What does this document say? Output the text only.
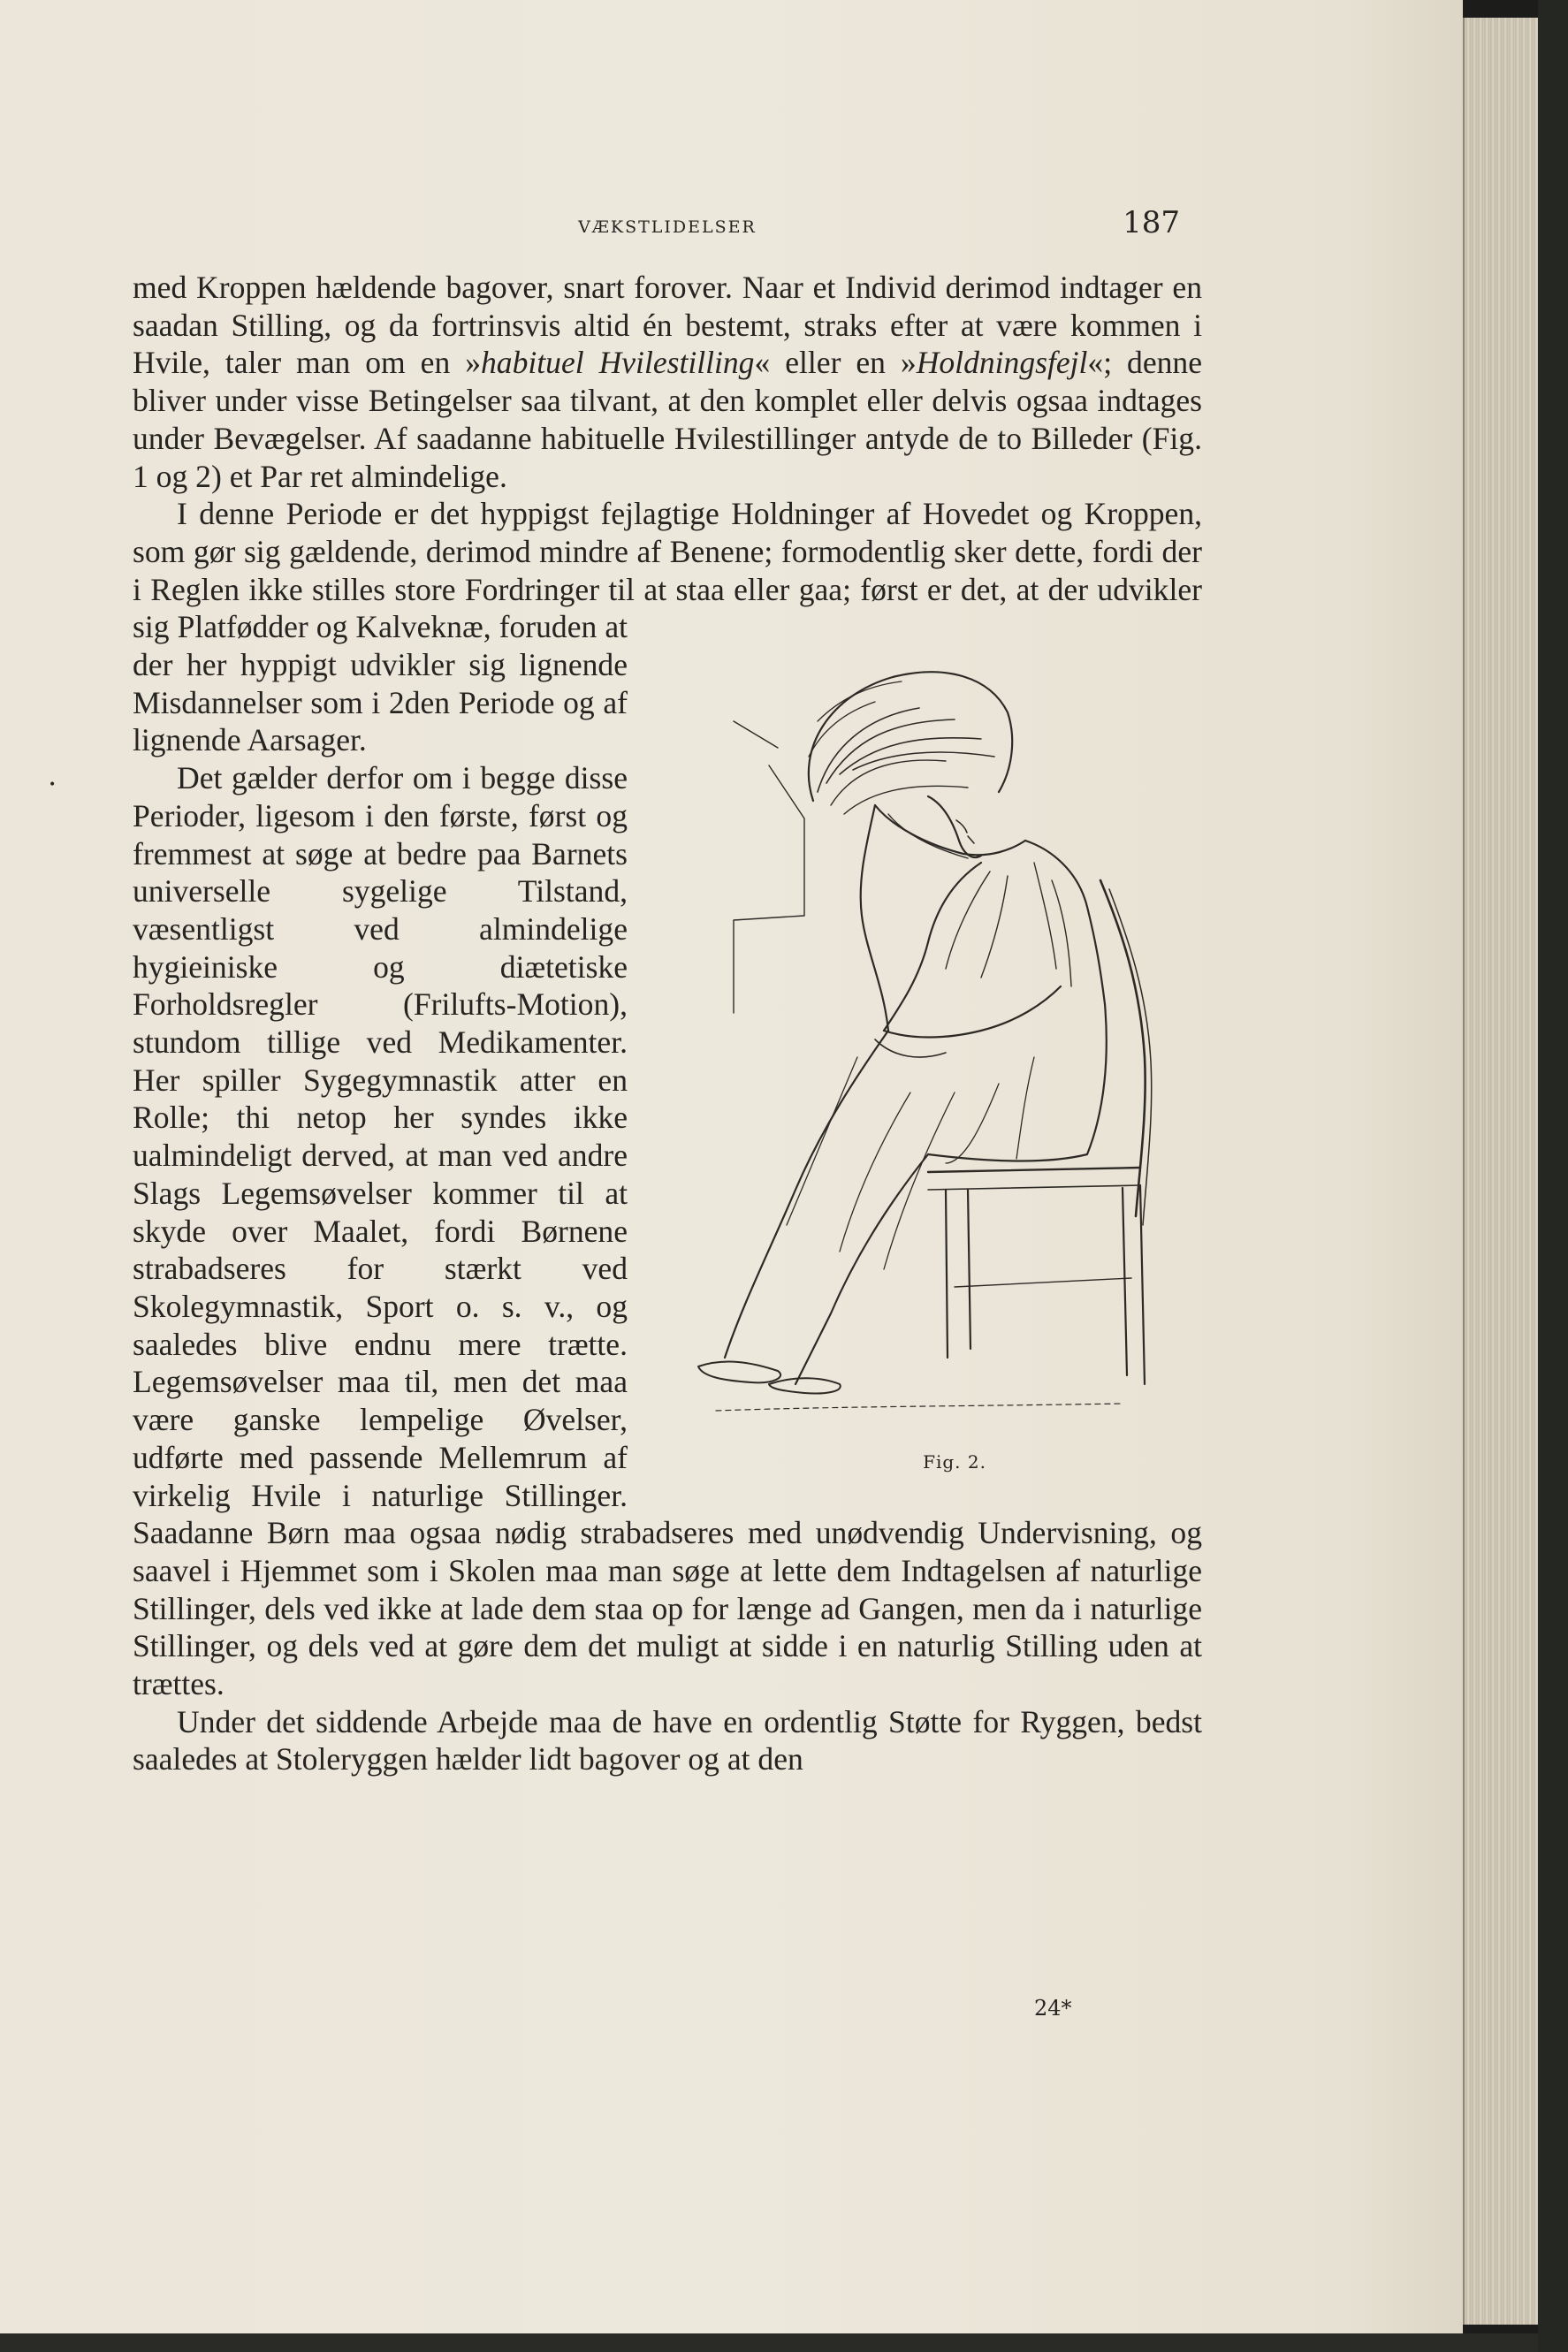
VÆKSTLIDELSER	187
•

med Kroppen hældende bagover, snart forover. Naar et Individ derimod indtager en saadan Stilling, og da fortrinsvis altid én bestemt, straks efter at være kommen i Hvile, taler man om en »habituel Hvilestilling« eller en »Holdningsfejl«; denne bliver under visse Betingelser saa tilvant, at den komplet eller delvis ogsaa indtages under Bevægelser. Af saadanne habituelle Hvilestillinger antyde de to Billeder (Fig. 1 og 2) et Par ret almindelige.

I denne Periode er det hyppigst fejlagtige Holdninger af Hovedet og Kroppen, som gør sig gældende, derimod mindre af Benene; formodentlig sker dette, fordi der i Reglen ikke stilles store Fordringer til at staa eller gaa; først
Fig. 2.
er det, at der udvikler sig Platfødder og Kalveknæ, foruden at der her hyppigt udvikler sig lignende Misdannelser som i 2den Periode og af lignende Aarsager.

Det gælder derfor om i begge disse Perioder, ligesom i den første, først og fremmest at søge at bedre paa Barnets universelle sygelige Tilstand, væsentligst ved almindelige hygieiniske og diætetiske Forholdsregler (Frilufts-Motion), stundom tillige ved Medikamenter. Her spiller Sygegymnastik atter en Rolle; thi netop her syndes ikke ualmindeligt derved, at man ved andre Slags Legemsøvelser kommer til at skyde over Maalet, fordi Børnene strabadseres for stærkt ved Skolegymnastik, Sport o. s. v., og saaledes blive endnu mere trætte. Legemsøvelser maa til, men det maa være ganske lempelige Øvelser, udførte med passende Mellemrum af virkelig Hvile i naturlige Stillinger. Saadanne Børn maa ogsaa nødig strabadseres med unødvendig Undervisning, og saavel i Hjemmet som i Skolen maa man søge at lette dem Indtagelsen af naturlige Stillinger, dels ved ikke at lade dem staa op for længe ad Gangen, men da i naturlige Stillinger, og dels ved at gøre dem det muligt at sidde i en naturlig Stilling uden at trættes.

Under det siddende Arbejde maa de have en ordentlig Støtte for Ryggen, bedst saaledes at Stoleryggen hælder lidt bagover og at den

24*
